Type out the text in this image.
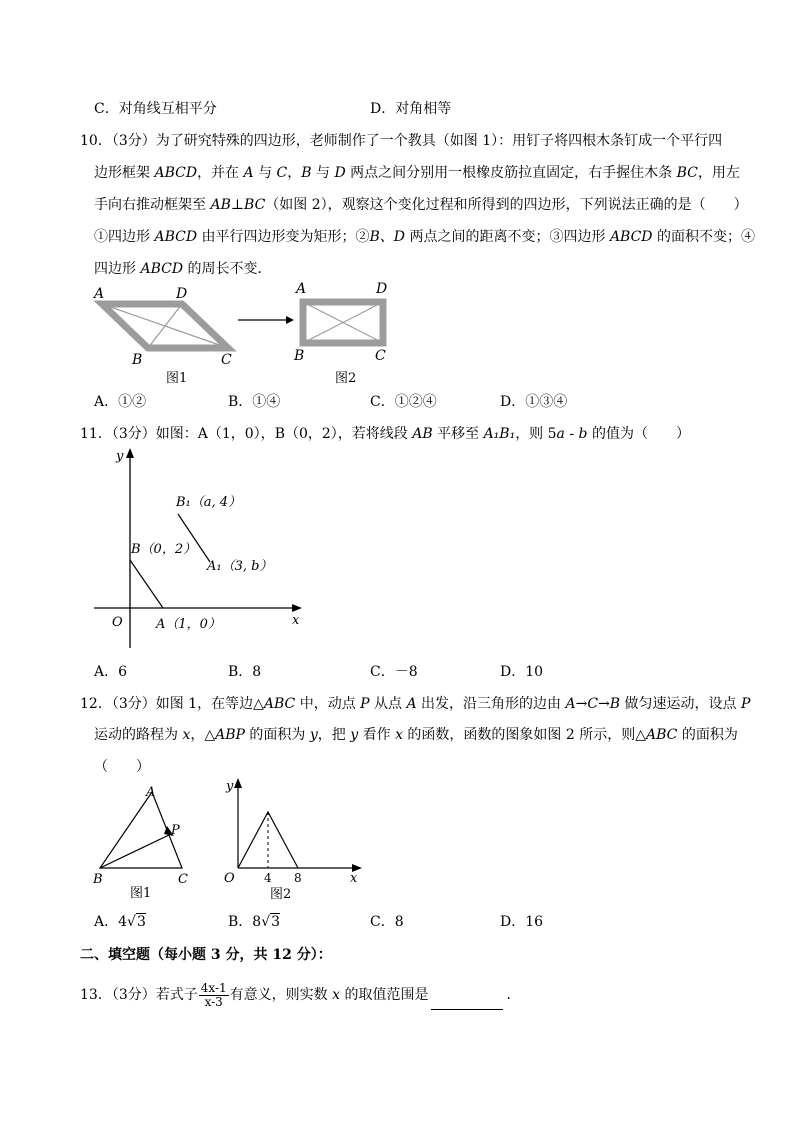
C．对角线互相平分	D．对角相等
10．（3分）为了研究特殊的四边形，老师制作了一个教具（如图 1）：用钉子将四根木条钉成一个平行四
边形框架 ABCD，并在 A 与 C，B 与 D 两点之间分别用一根橡皮筋拉直固定，右手握住木条 BC，用左
手向右推动框架至 AB⊥BC（如图 2），观察这个变化过程和所得到的四边形，下列说法正确的是（　　）
①四边形 ABCD 由平行四边形变为矩形；②B、D 两点之间的距离不变；③四边形 ABCD 的面积不变；④
四边形 ABCD 的周长不变．
A	D
B	C
图1
A	D
B	C
图2
A．①②	B．①④	C．①②④	D．①③④
11．（3分）如图：A（1，0），B（0，2），若将线段 AB 平移至 A₁B₁，则 5a - b 的值为（　　）
y
x
O
B₁（a, 4）
B（0，2）
A₁（3, b）
A（1，0）
A．6	B．8	C．－8	D．10
12．（3分）如图 1，在等边△ABC 中，动点 P 从点 A 出发，沿三角形的边由 A→C→B 做匀速运动，设点 P
运动的路程为 x，△ABP 的面积为 y，把 y 看作 x 的函数，函数的图象如图 2 所示，则△ABC 的面积为
（　　）
A
P
B	C
图1
y
x
O 4 8
图2
A．4√3	B．8√3	C．8	D．16
二、填空题（每小题 3 分，共 12 分）：
13．（3分）若式子 $\frac{4x-1}{x-3}$ 有意义，则实数 x 的取值范围是	．
